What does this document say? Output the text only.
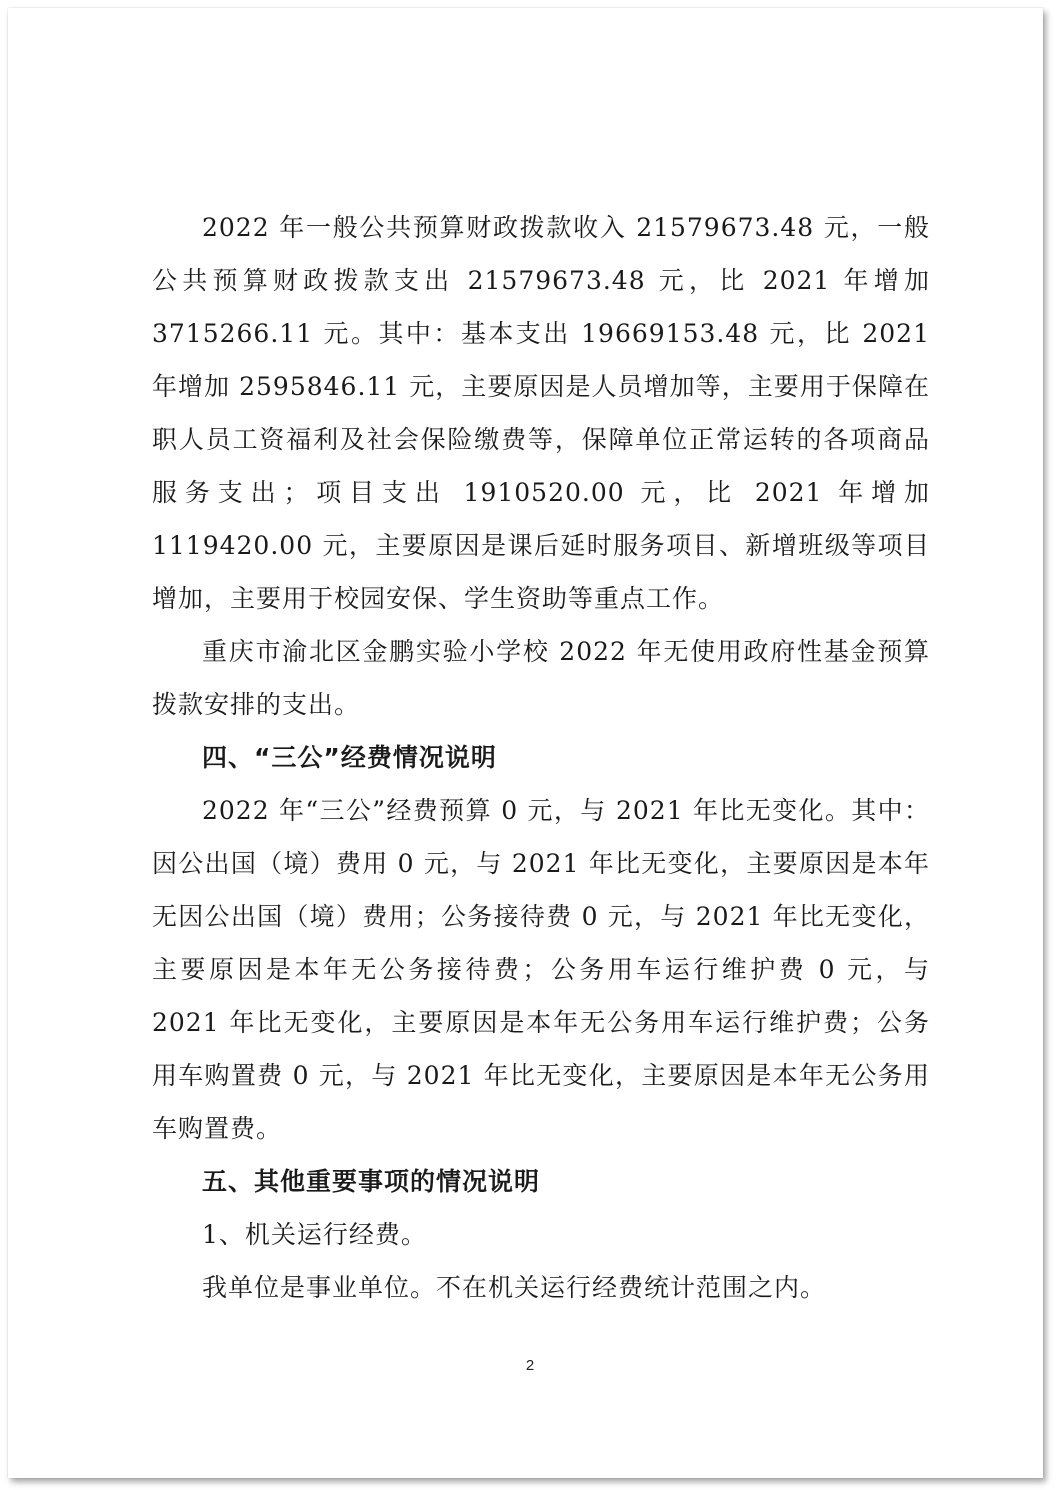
2022 年一般公共预算财政拨款收入 21579673.48 元，一般公共预算财政拨款支出 21579673.48 元，比 2021 年增加 3715266.11 元。其中：基本支出 19669153.48 元，比 2021 年增加 2595846.11 元，主要原因是人员增加等，主要用于保障在职人员工资福利及社会保险缴费等，保障单位正常运转的各项商品服务支出；项目支出 1910520.00 元，比 2021 年增加 1119420.00 元，主要原因是课后延时服务项目、新增班级等项目增加，主要用于校园安保、学生资助等重点工作。

重庆市渝北区金鹏实验小学校 2022 年无使用政府性基金预算拨款安排的支出。

四、“三公”经费情况说明

2022 年“三公”经费预算 0 元，与 2021 年比无变化。其中：因公出国（境）费用 0 元，与 2021 年比无变化，主要原因是本年无因公出国（境）费用；公务接待费 0 元，与 2021 年比无变化，主要原因是本年无公务接待费；公务用车运行维护费 0 元，与 2021 年比无变化，主要原因是本年无公务用车运行维护费；公务用车购置费 0 元，与 2021 年比无变化，主要原因是本年无公务用车购置费。

五、其他重要事项的情况说明

1、机关运行经费。

我单位是事业单位。不在机关运行经费统计范围之内。

2
